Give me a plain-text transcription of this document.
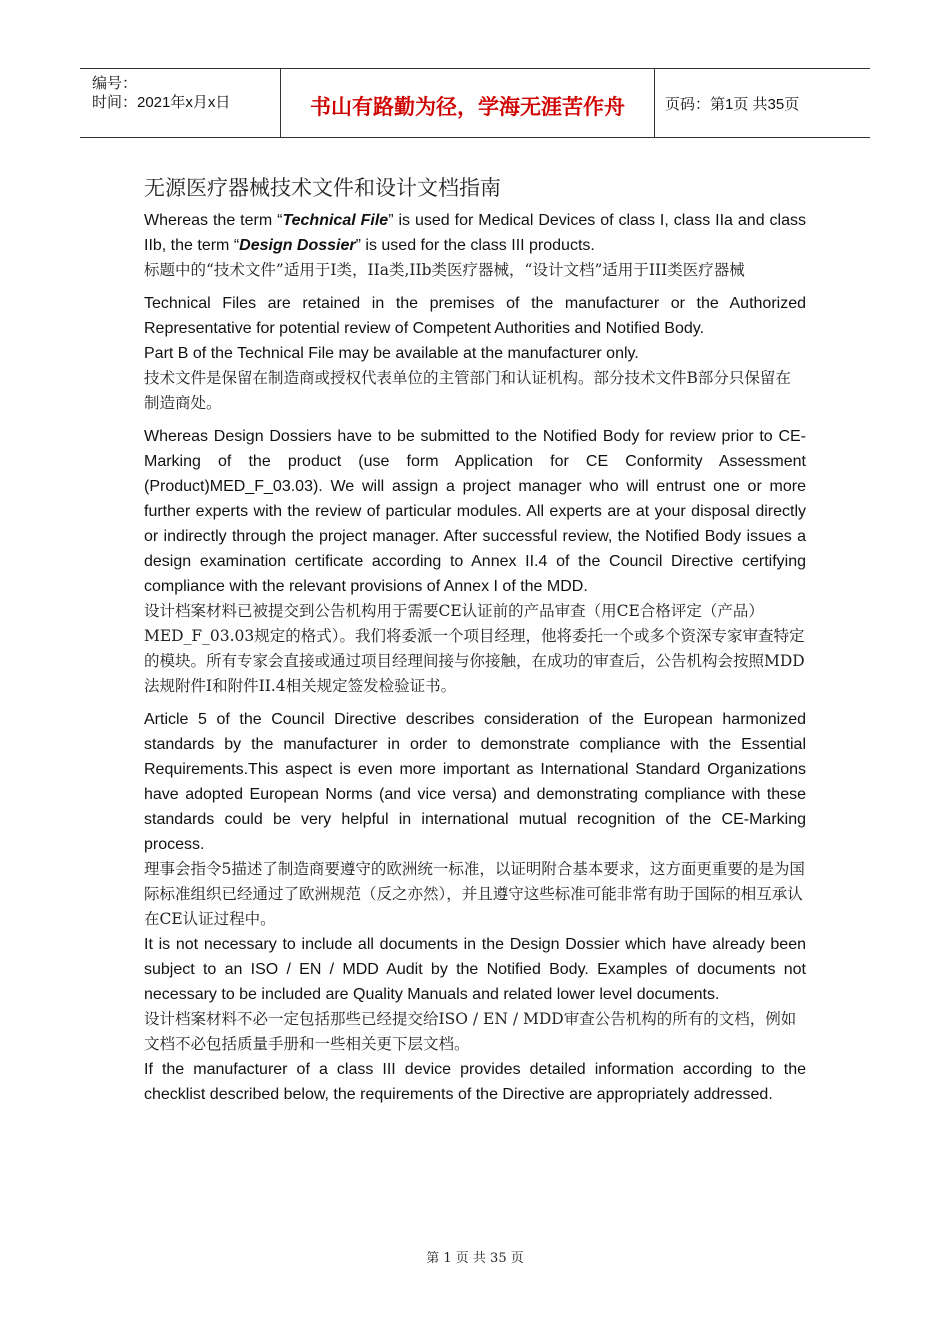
编号：
时间：2021年x月x日	书山有路勤为径，学海无涯苦作舟	页码：第1页 共35页
无源医疗器械技术文件和设计文档指南

Whereas the term “Technical File” is used for Medical Devices of class I, class IIa and class IIb, the term “Design Dossier” is used for the class III products.

标题中的“技术文件”适用于I类，IIa类,IIb类医疗器械，“设计文档”适用于III类医疗器械

Technical Files are retained in the premises of the manufacturer or the Authorized Representative for potential review of Competent Authorities and Notified Body.

Part B of the Technical File may be available at the manufacturer only.

技术文件是保留在制造商或授权代表单位的主管部门和认证机构。部分技术文件B部分只保留在制造商处。

Whereas Design Dossiers have to be submitted to the Notified Body for review prior to CE-Marking of the product (use form Application for CE Conformity Assessment (Product)MED_F_03.03). We will assign a project manager who will entrust one or more further experts with the review of particular modules. All experts are at your disposal directly or indirectly through the project manager. After successful review, the Notified Body issues a design examination certificate according to Annex II.4 of the Council Directive certifying compliance with the relevant provisions of Annex I of the MDD.

设计档案材料已被提交到公告机构用于需要CE认证前的产品审查（用CE合格评定（产品）MED_F_03.03规定的格式）。我们将委派一个项目经理，他将委托一个或多个资深专家审查特定的模块。所有专家会直接或通过项目经理间接与你接触，在成功的审查后，公告机构会按照MDD法规附件I和附件II.4相关规定签发检验证书。

Article 5 of the Council Directive describes consideration of the European harmonized standards by the manufacturer in order to demonstrate compliance with the Essential Requirements.This aspect is even more important as International Standard Organizations have adopted European Norms (and vice versa) and demonstrating compliance with these standards could be very helpful in international mutual recognition of the CE-Marking process.

理事会指令5描述了制造商要遵守的欧洲统一标准，以证明附合基本要求，这方面更重要的是为国际标准组织已经通过了欧洲规范（反之亦然），并且遵守这些标准可能非常有助于国际的相互承认在CE认证过程中。

It is not necessary to include all documents in the Design Dossier which have already been subject to an ISO / EN / MDD Audit by the Notified Body. Examples of documents not necessary to be included are Quality Manuals and related lower level documents.

设计档案材料不必一定包括那些已经提交给ISO / EN / MDD审查公告机构的所有的文档，例如文档不必包括质量手册和一些相关更下层文档。

If the manufacturer of a class III device provides detailed information according to the checklist described below, the requirements of the Directive are appropriately addressed.

第 1 页 共 35 页
